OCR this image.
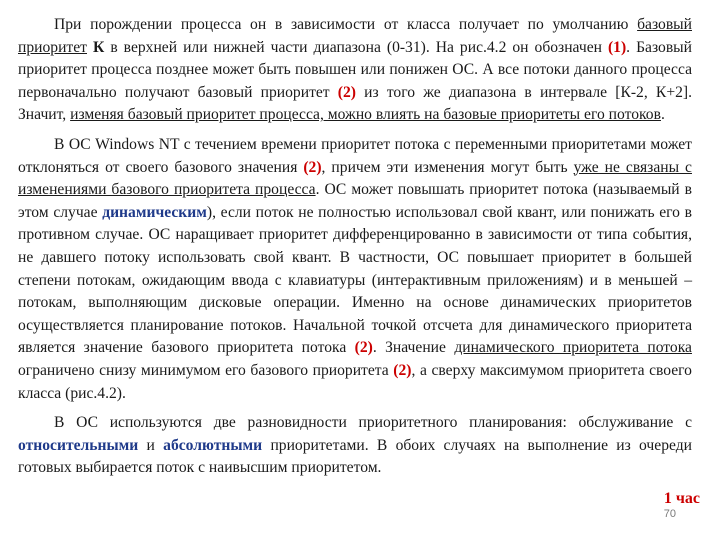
При порождении процесса он в зависимости от класса получает по умолчанию базовый приоритет К в верхней или нижней части диапазона (0-31). На рис.4.2 он обозначен (1). Базовый приоритет процесса позднее может быть повышен или понижен ОС. А все потоки данного процесса первоначально получают базовый приоритет (2) из того же диапазона в интервале [К-2, К+2]. Значит, изменяя базовый приоритет процесса, можно влиять на базовые приоритеты его потоков.

В ОС Windows NT с течением времени приоритет потока с переменными приоритетами может отклоняться от своего базового значения (2), причем эти изменения могут быть уже не связаны с изменениями базового приоритета процесса. ОС может повышать приоритет потока (называемый в этом случае динамическим), если поток не полностью использовал свой квант, или понижать его в противном случае. ОС наращивает приоритет дифференцированно в зависимости от типа события, не давшего потоку использовать свой квант. В частности, ОС повышает приоритет в большей степени потокам, ожидающим ввода с клавиатуры (интерактивным приложениям) и в меньшей – потокам, выполняющим дисковые операции. Именно на основе динамических приоритетов осуществляется планирование потоков. Начальной точкой отсчета для динамического приоритета является значение базового приоритета потока (2). Значение динамического приоритета потока ограничено снизу минимумом его базового приоритета (2), а сверху максимумом приоритета своего класса (рис.4.2).

В ОС используются две разновидности приоритетного планирования: обслуживание с относительными и абсолютными приоритетами. В обоих случаях на выполнение из очереди готовых выбирается поток с наивысшим приоритетом.

1 час
70
